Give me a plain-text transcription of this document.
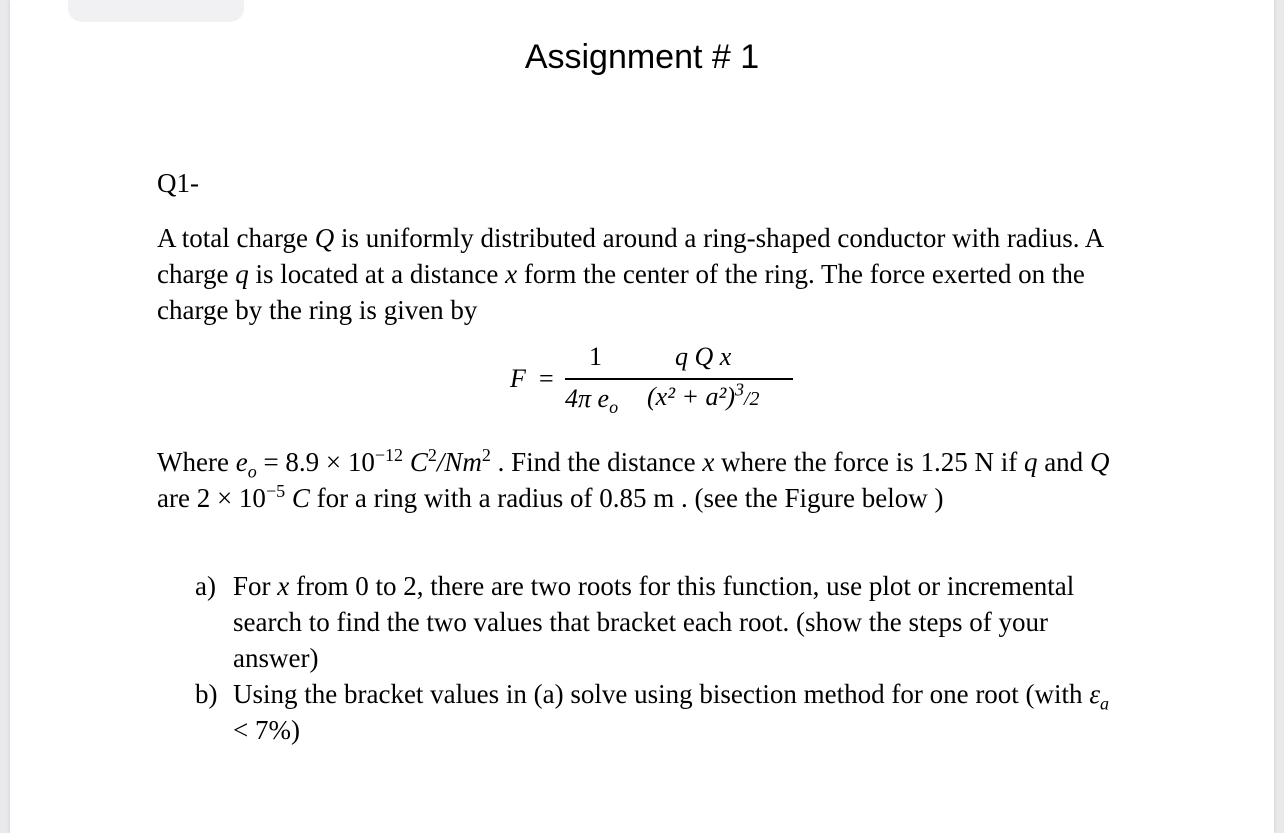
Assignment # 1
Q1-

A total charge Q is uniformly distributed around a ring-shaped conductor with radius. A charge q is located at a distance x form the center of the ring. The force exerted on the charge by the ring is given by

F =
1
4π $e_o$
q Q x
$(x^2 + a^2)^3/2$

Where $e_o = 8.9 \times 10^{-12}$ $C^2/Nm^2$ . Find the distance x where the force is 1.25 N if q and Q are $2 \times 10^{-5}$ C for a ring with a radius of 0.85 m . (see the Figure below )

a) For x from 0 to 2, there are two roots for this function, use plot or incremental search to find the two values that bracket each root. (show the steps of your answer)
b) Using the bracket values in (a) solve using bisection method for one root (with $\varepsilon_a < 7\%$)
